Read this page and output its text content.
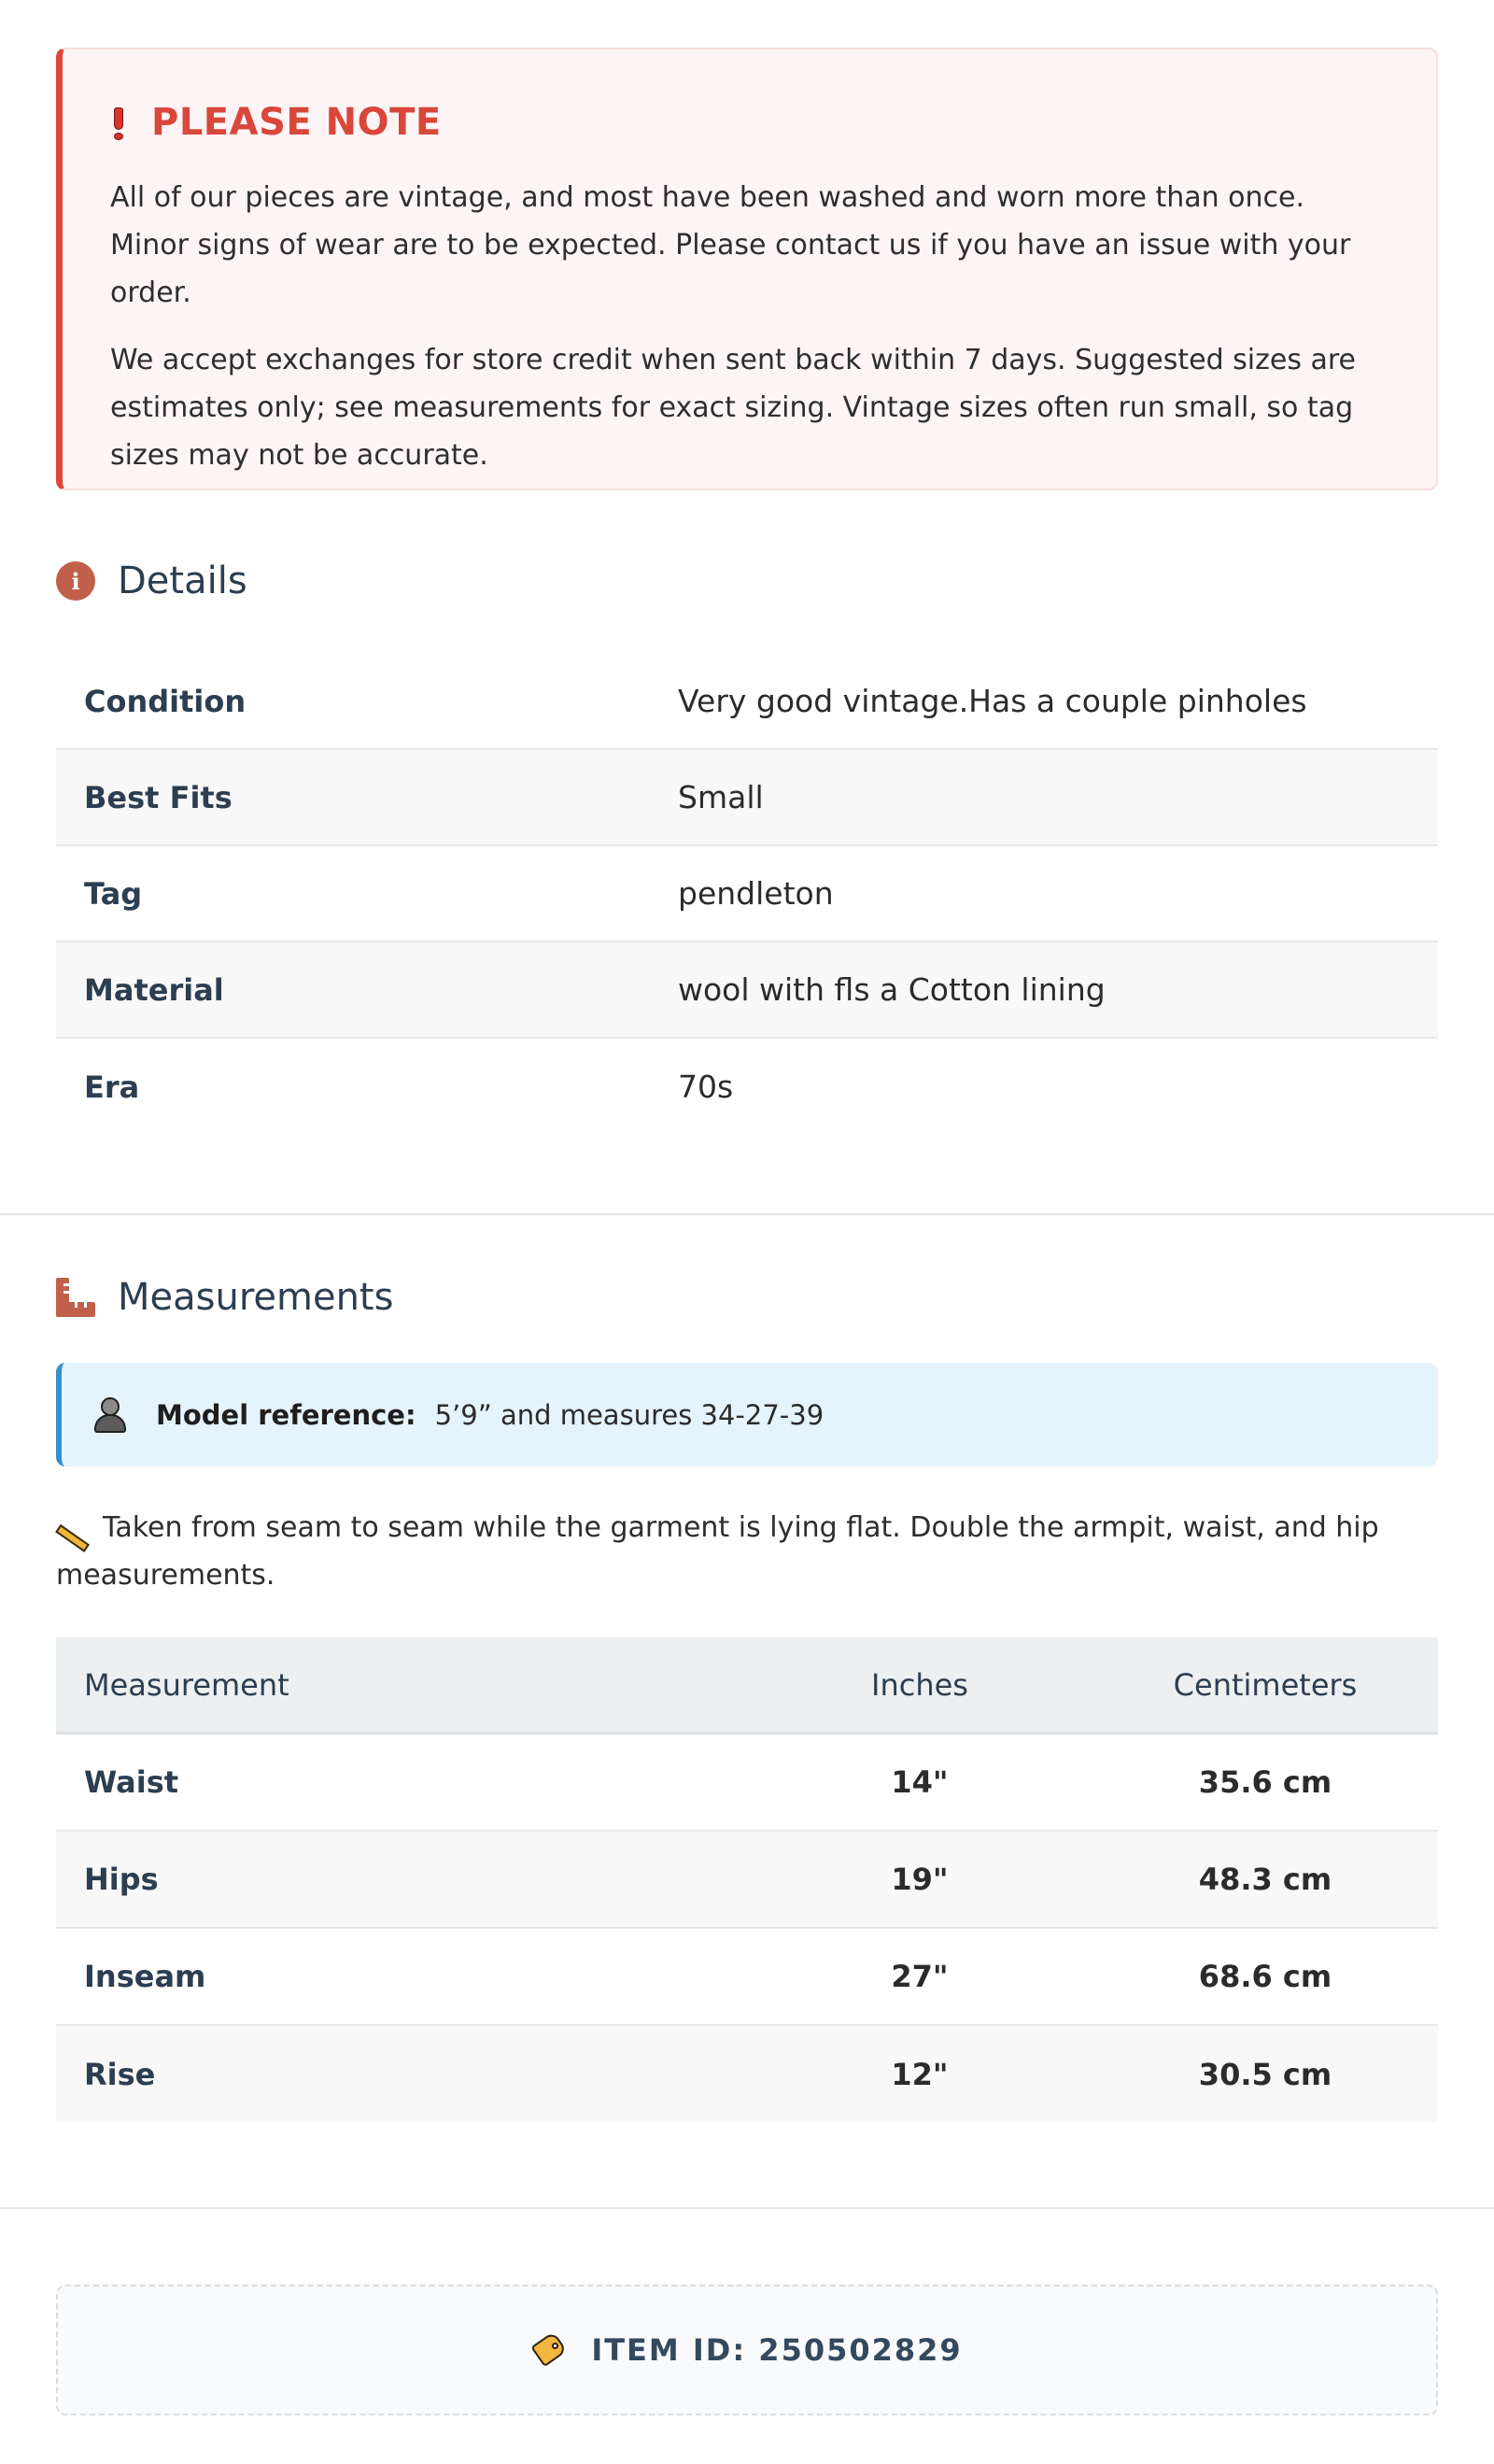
PLEASE NOTE

All of our pieces are vintage, and most have been washed and worn more than once. Minor signs of wear are to be expected. Please contact us if you have an issue with your order.

We accept exchanges for store credit when sent back within 7 days. Suggested sizes are estimates only; see measurements for exact sizing. Vintage sizes often run small, so tag sizes may not be accurate.

i	Details
Condition	Very good vintage.Has a couple pinholes
Best Fits	Small
Tag	pendleton
Material	wool with fls a Cotton lining
Era	70s
Measurements
Model reference: 5’9” and measures 34-27-39
Taken from seam to seam while the garment is lying flat. Double the armpit, waist, and hip measurements.
Measurement	Inches	Centimeters
Waist	14"	35.6 cm
Hips	19"	48.3 cm
Inseam	27"	68.6 cm
Rise	12"	30.5 cm
ITEM ID: 250502829
